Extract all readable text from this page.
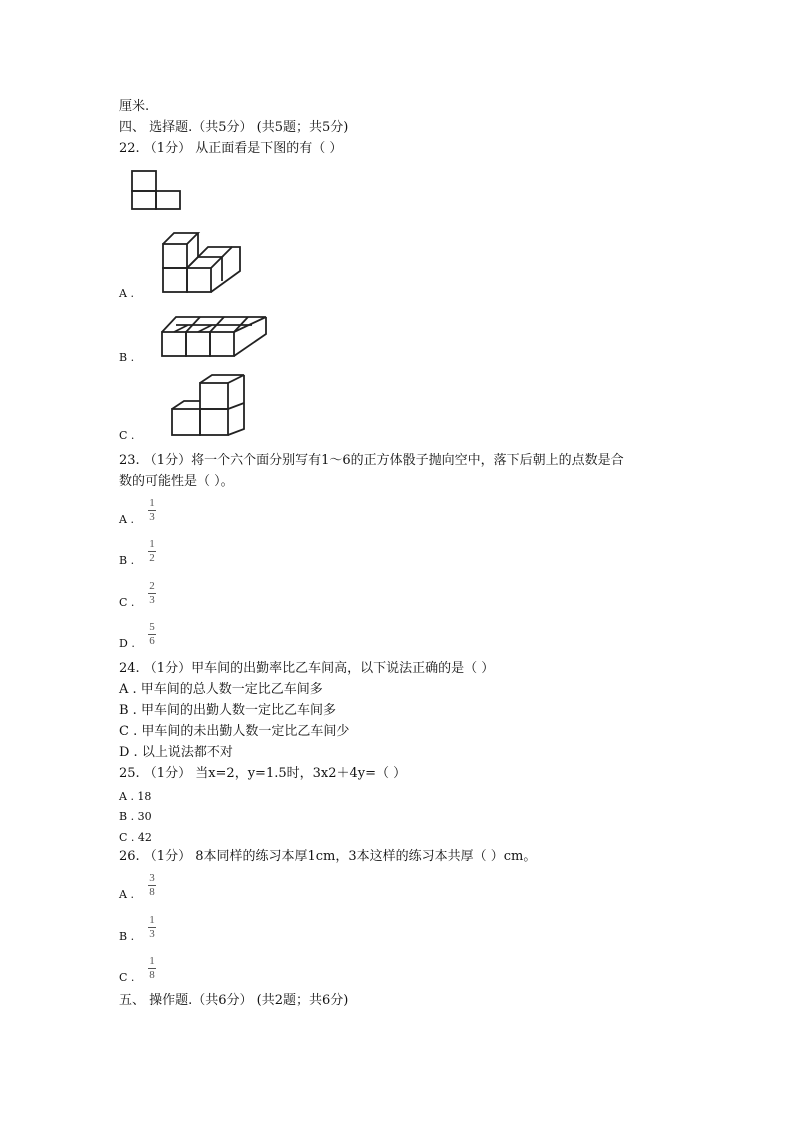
厘米.
四、 选择题.（共5分） (共5题；共5分)
22. （1分） 从正面看是下图的有（ ）
A .
B .
C .
23. （1分）将一个六个面分别写有1～6的正方体骰子抛向空中，落下后朝上的点数是合
数的可能性是（ ）。
A .
1
3
B .
1
2
C .
2
3
D .
5
6
24. （1分）甲车间的出勤率比乙车间高，以下说法正确的是（ ）
A . 甲车间的总人数一定比乙车间多
B . 甲车间的出勤人数一定比乙车间多
C . 甲车间的未出勤人数一定比乙车间少
D . 以上说法都不对
25. （1分） 当x=2，y=1.5时，3x2＋4y=（ ）
A . 18
B . 30
C . 42
26. （1分） 8本同样的练习本厚1cm，3本这样的练习本共厚（ ）cm。
A .
3
8
B .
1
3
C .
1
8
五、 操作题.（共6分） (共2题；共6分)
